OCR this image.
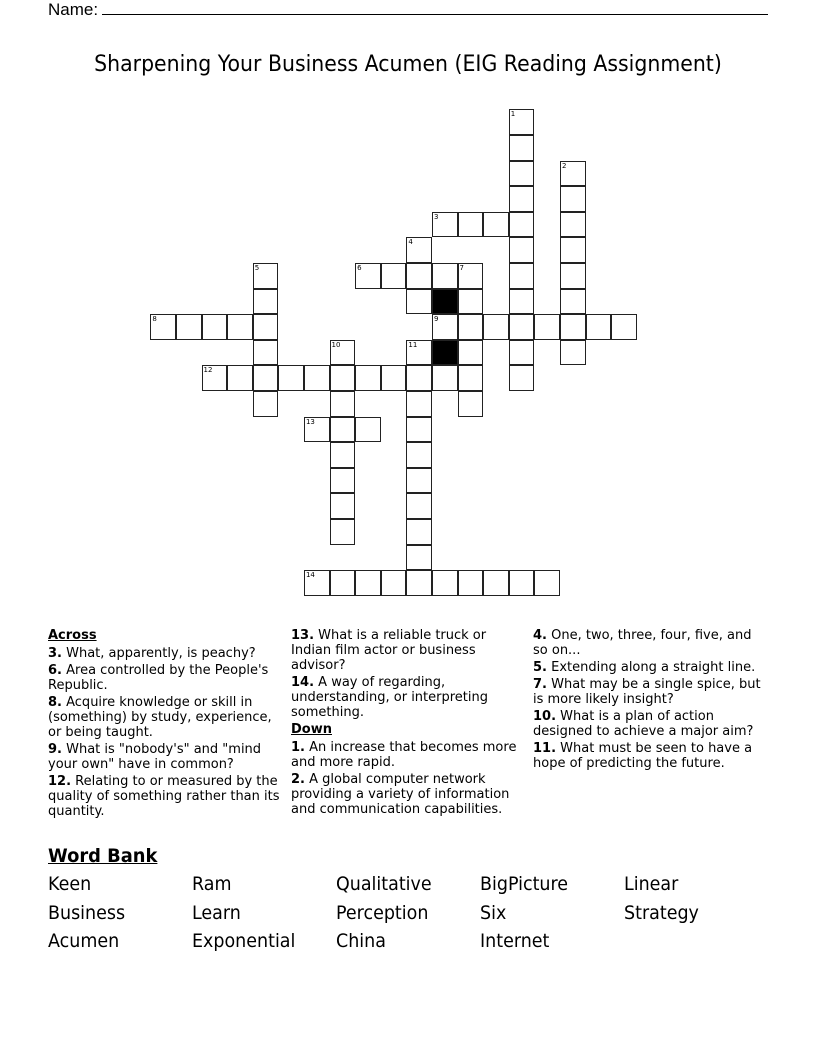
Name:
Sharpening Your Business Acumen (EIG Reading Assignment)
1
2
3
4
5	6	7
8	9
10	11
12
13
14
Across
3. What, apparently, is peachy?
6. Area controlled by the People's Republic.
8. Acquire knowledge or skill in (something) by study, experience, or being taught.
9. What is "nobody's" and "mind your own" have in common?
12. Relating to or measured by the quality of something rather than its quantity.
13. What is a reliable truck or Indian film actor or business advisor?
14. A way of regarding, understanding, or interpreting something.
Down
1. An increase that becomes more and more rapid.
2. A global computer network providing a variety of information and communication capabilities.
4. One, two, three, four, five, and so on...
5. Extending along a straight line.
7. What may be a single spice, but is more likely insight?
10. What is a plan of action designed to achieve a major aim?
11. What must be seen to have a hope of predicting the future.
Word Bank
Keen
Business
Acumen
Ram
Learn
Exponential
Qualitative
Perception
China
BigPicture
Six
Internet
Linear
Strategy
